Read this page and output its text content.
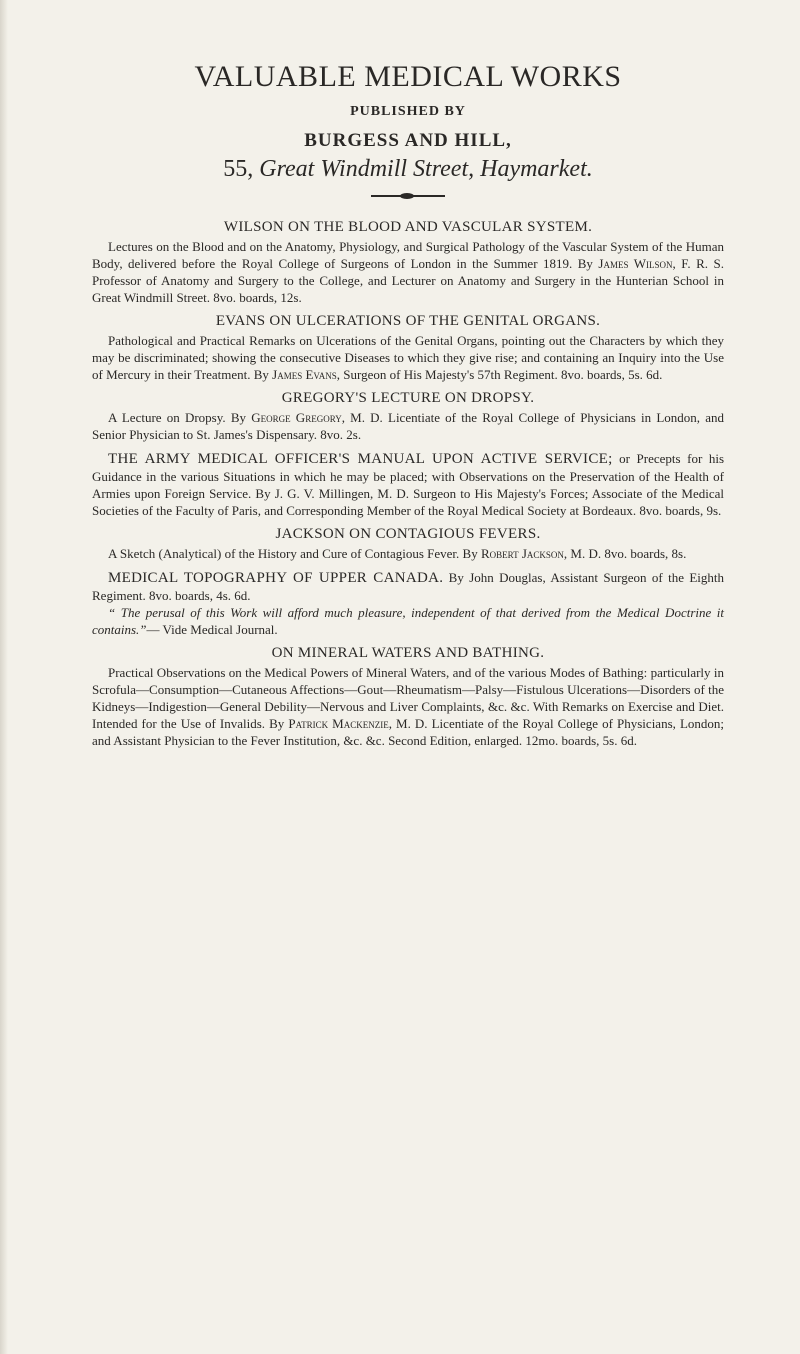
VALUABLE MEDICAL WORKS
PUBLISHED BY
BURGESS AND HILL,
55, Great Windmill Street, Haymarket.
WILSON ON THE BLOOD AND VASCULAR SYSTEM.

Lectures on the Blood and on the Anatomy, Physiology, and Surgical Pathology of the Vascular System of the Human Body, delivered before the Royal College of Surgeons of London in the Summer 1819. By James Wilson, F. R. S. Professor of Anatomy and Surgery to the College, and Lecturer on Anatomy and Surgery in the Hunterian School in Great Windmill Street. 8vo. boards, 12s.

EVANS ON ULCERATIONS OF THE GENITAL ORGANS.

Pathological and Practical Remarks on Ulcerations of the Genital Organs, pointing out the Characters by which they may be discriminated; showing the consecutive Diseases to which they give rise; and containing an Inquiry into the Use of Mercury in their Treatment. By James Evans, Surgeon of His Majesty's 57th Regiment. 8vo. boards, 5s. 6d.

GREGORY'S LECTURE ON DROPSY.

A Lecture on Dropsy. By George Gregory, M. D. Licentiate of the Royal College of Physicians in London, and Senior Physician to St. James's Dispensary. 8vo. 2s.

THE ARMY MEDICAL OFFICER'S MANUAL UPON ACTIVE SERVICE; or Precepts for his Guidance in the various Situations in which he may be placed; with Observations on the Preservation of the Health of Armies upon Foreign Service. By J. G. V. Millingen, M. D. Surgeon to His Majesty's Forces; Associate of the Medical Societies of the Faculty of Paris, and Corresponding Member of the Royal Medical Society at Bordeaux. 8vo. boards, 9s.

JACKSON ON CONTAGIOUS FEVERS.

A Sketch (Analytical) of the History and Cure of Contagious Fever. By Robert Jackson, M. D. 8vo. boards, 8s.

MEDICAL TOPOGRAPHY OF UPPER CANADA. By John Douglas, Assistant Surgeon of the Eighth Regiment. 8vo. boards, 4s. 6d.

“ The perusal of this Work will afford much pleasure, independent of that derived from the Medical Doctrine it contains.”— Vide Medical Journal.

ON MINERAL WATERS AND BATHING.

Practical Observations on the Medical Powers of Mineral Waters, and of the various Modes of Bathing: particularly in Scrofula—Consumption—Cutaneous Affections—Gout—Rheumatism—Palsy—Fistulous Ulcerations—Disorders of the Kidneys—Indigestion—General Debility—Nervous and Liver Complaints, &c. &c. With Remarks on Exercise and Diet. Intended for the Use of Invalids. By Patrick Mackenzie, M. D. Licentiate of the Royal College of Physicians, London; and Assistant Physician to the Fever Institution, &c. &c. Second Edition, enlarged. 12mo. boards, 5s. 6d.
